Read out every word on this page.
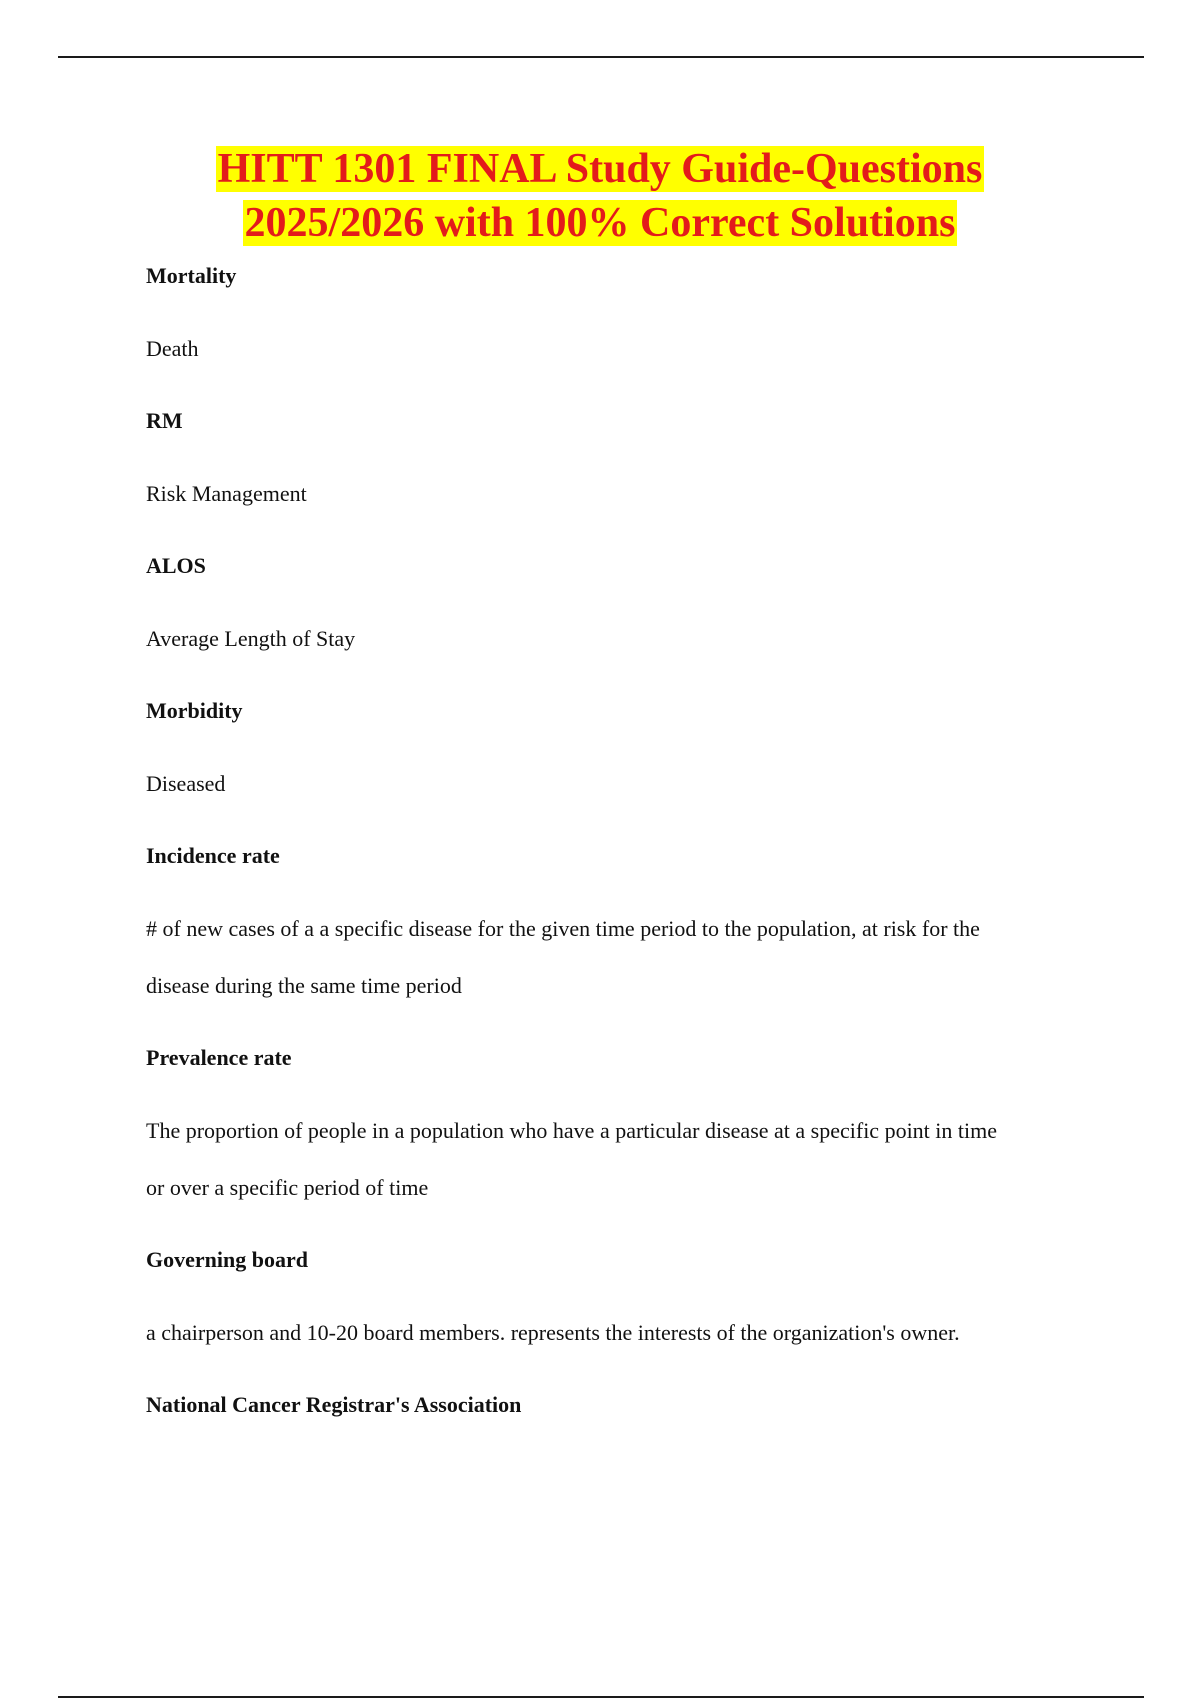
HITT 1301 FINAL Study Guide-Questions
2025/2026 with 100% Correct Solutions

Mortality

Death

RM

Risk Management

ALOS

Average Length of Stay

Morbidity

Diseased

Incidence rate

# of new cases of a a specific disease for the given time period to the population, at risk for the

disease during the same time period

Prevalence rate

The proportion of people in a population who have a particular disease at a specific point in time

or over a specific period of time

Governing board

a chairperson and 10-20 board members. represents the interests of the organization's owner.

National Cancer Registrar's Association
